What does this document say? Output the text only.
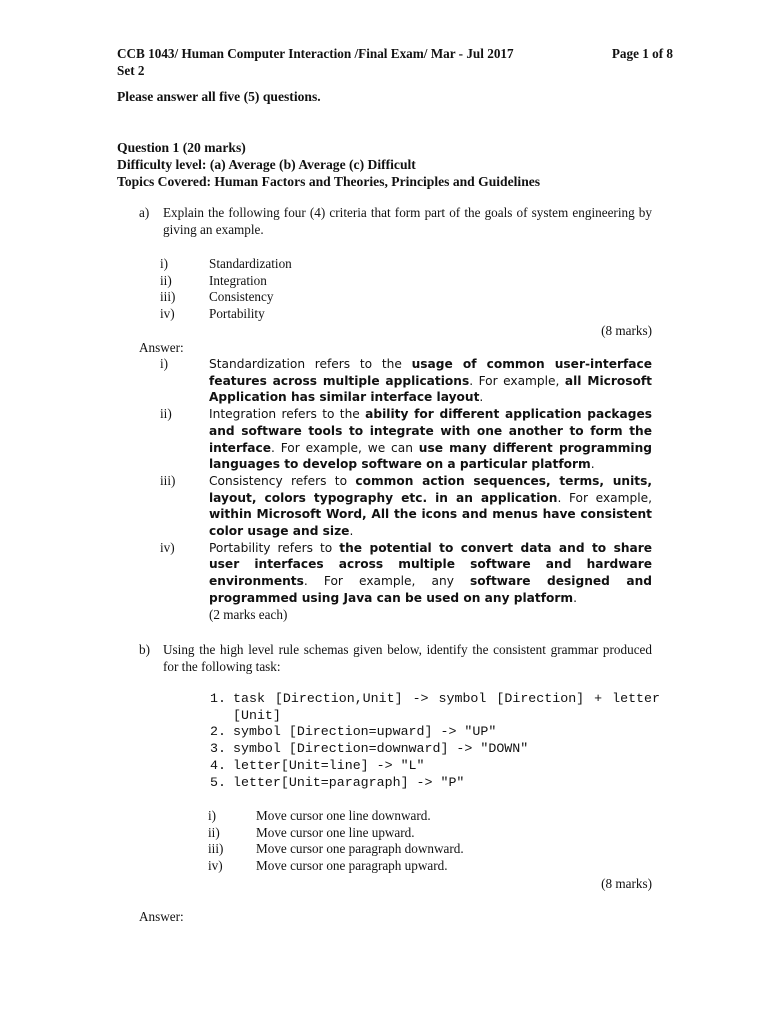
CCB 1043/ Human Computer Interaction /Final Exam/ Mar - Jul 2017	Page 1 of 8
Set 2
Please answer all five (5) questions.
Question 1 (20 marks)
Difficulty level: (a) Average (b) Average (c) Difficult
Topics Covered: Human Factors and Theories, Principles and Guidelines
a) Explain the following four (4) criteria that form part of the goals of system engineering by giving an example.
i)	Standardization
ii)	Integration
iii)	Consistency
iv)	Portability
(8 marks)
Answer:
i)	Standardization refers to the usage of common user-interface features across multiple applications. For example, all Microsoft Application has similar interface layout.
ii)	Integration refers to the ability for different application packages and software tools to integrate with one another to form the interface. For example, we can use many different programming languages to develop software on a particular platform.
iii)	Consistency refers to common action sequences, terms, units, layout, colors typography etc. in an application. For example, within Microsoft Word, All the icons and menus have consistent color usage and size.
iv)	Portability refers to the potential to convert data and to share user interfaces across multiple software and hardware environments. For example, any software designed and programmed using Java can be used on any platform.
(2 marks each)
b) Using the high level rule schemas given below, identify the consistent grammar produced for the following task:
1. task [Direction,Unit] -> symbol [Direction] + letter [Unit]
2. symbol [Direction=upward] -> "UP"
3. symbol [Direction=downward] -> "DOWN"
4. letter[Unit=line] -> "L"
5. letter[Unit=paragraph] -> "P"
i)	Move cursor one line downward.
ii)	Move cursor one line upward.
iii)	Move cursor one paragraph downward.
iv)	Move cursor one paragraph upward.
(8 marks)
Answer:
